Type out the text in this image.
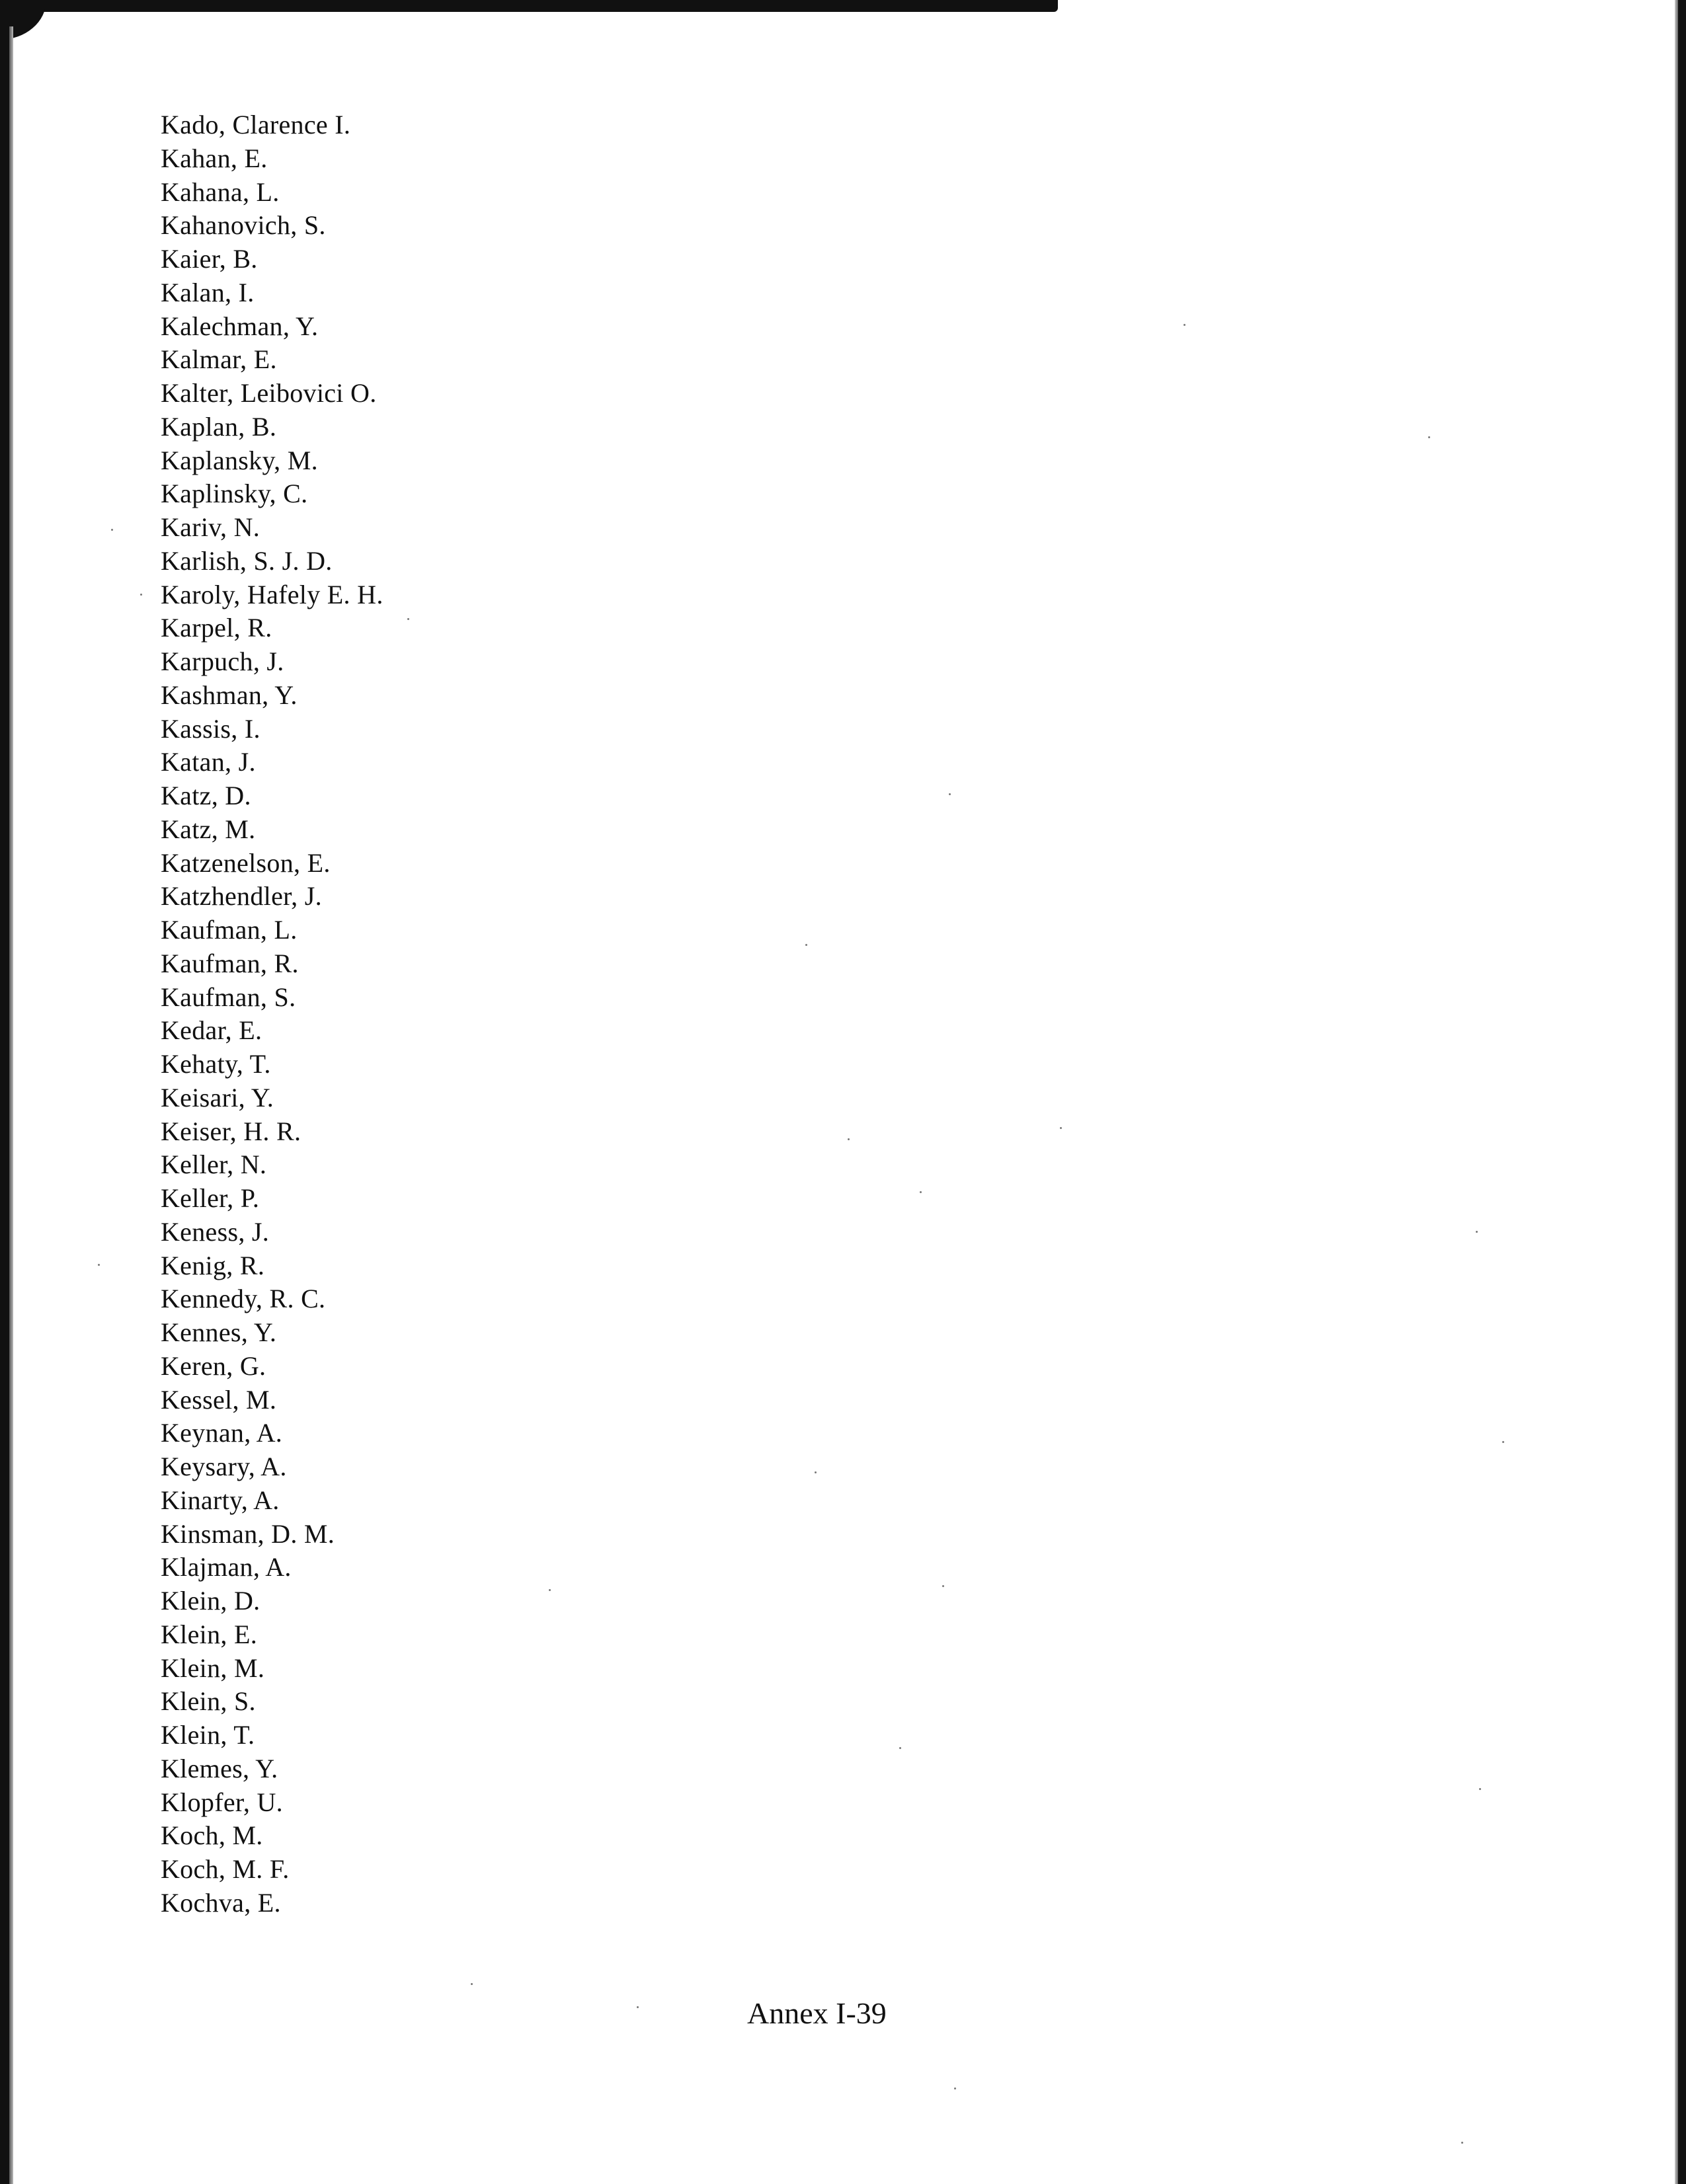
Kado, Clarence I.
Kahan, E.
Kahana, L.
Kahanovich, S.
Kaier, B.
Kalan, I.
Kalechman, Y.
Kalmar, E.
Kalter, Leibovici O.
Kaplan, B.
Kaplansky, M.
Kaplinsky, C.
Kariv, N.
Karlish, S. J. D.
Karoly, Hafely E. H.
Karpel, R.
Karpuch, J.
Kashman, Y.
Kassis, I.
Katan, J.
Katz, D.
Katz, M.
Katzenelson, E.
Katzhendler, J.
Kaufman, L.
Kaufman, R.
Kaufman, S.
Kedar, E.
Kehaty, T.
Keisari, Y.
Keiser, H. R.
Keller, N.
Keller, P.
Keness, J.
Kenig, R.
Kennedy, R. C.
Kennes, Y.
Keren, G.
Kessel, M.
Keynan, A.
Keysary, A.
Kinarty, A.
Kinsman, D. M.
Klajman, A.
Klein, D.
Klein, E.
Klein, M.
Klein, S.
Klein, T.
Klemes, Y.
Klopfer, U.
Koch, M.
Koch, M. F.
Kochva, E.
Annex I-39
